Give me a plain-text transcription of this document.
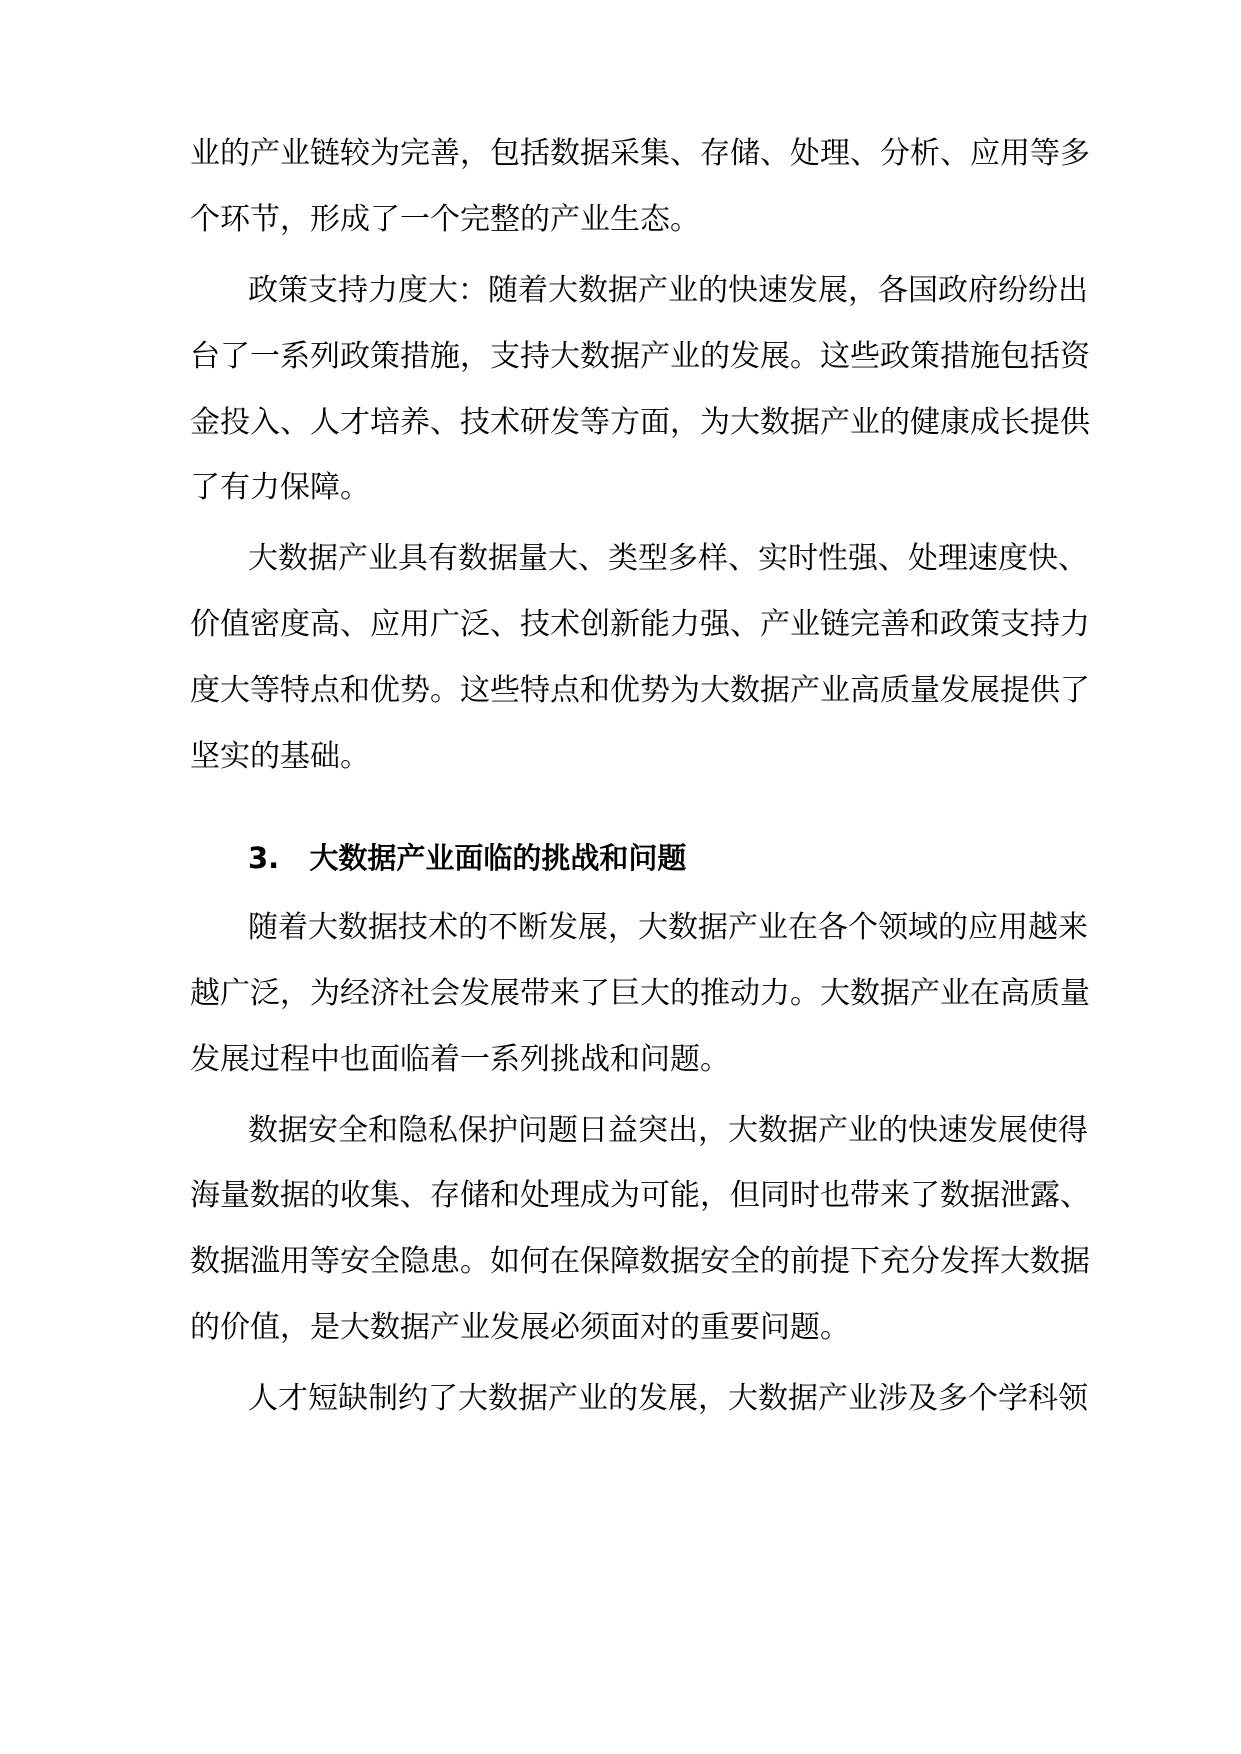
业的产业链较为完善，包括数据采集、存储、处理、分析、应用等多
个环节，形成了一个完整的产业生态。
政策支持力度大：随着大数据产业的快速发展，各国政府纷纷出
台了一系列政策措施，支持大数据产业的发展。这些政策措施包括资
金投入、人才培养、技术研发等方面，为大数据产业的健康成长提供
了有力保障。
大数据产业具有数据量大、类型多样、实时性强、处理速度快、
价值密度高、应用广泛、技术创新能力强、产业链完善和政策支持力
度大等特点和优势。这些特点和优势为大数据产业高质量发展提供了
坚实的基础。
3. 大数据产业面临的挑战和问题
随着大数据技术的不断发展，大数据产业在各个领域的应用越来
越广泛，为经济社会发展带来了巨大的推动力。大数据产业在高质量
发展过程中也面临着一系列挑战和问题。
数据安全和隐私保护问题日益突出，大数据产业的快速发展使得
海量数据的收集、存储和处理成为可能，但同时也带来了数据泄露、
数据滥用等安全隐患。如何在保障数据安全的前提下充分发挥大数据
的价值，是大数据产业发展必须面对的重要问题。
人才短缺制约了大数据产业的发展，大数据产业涉及多个学科领
